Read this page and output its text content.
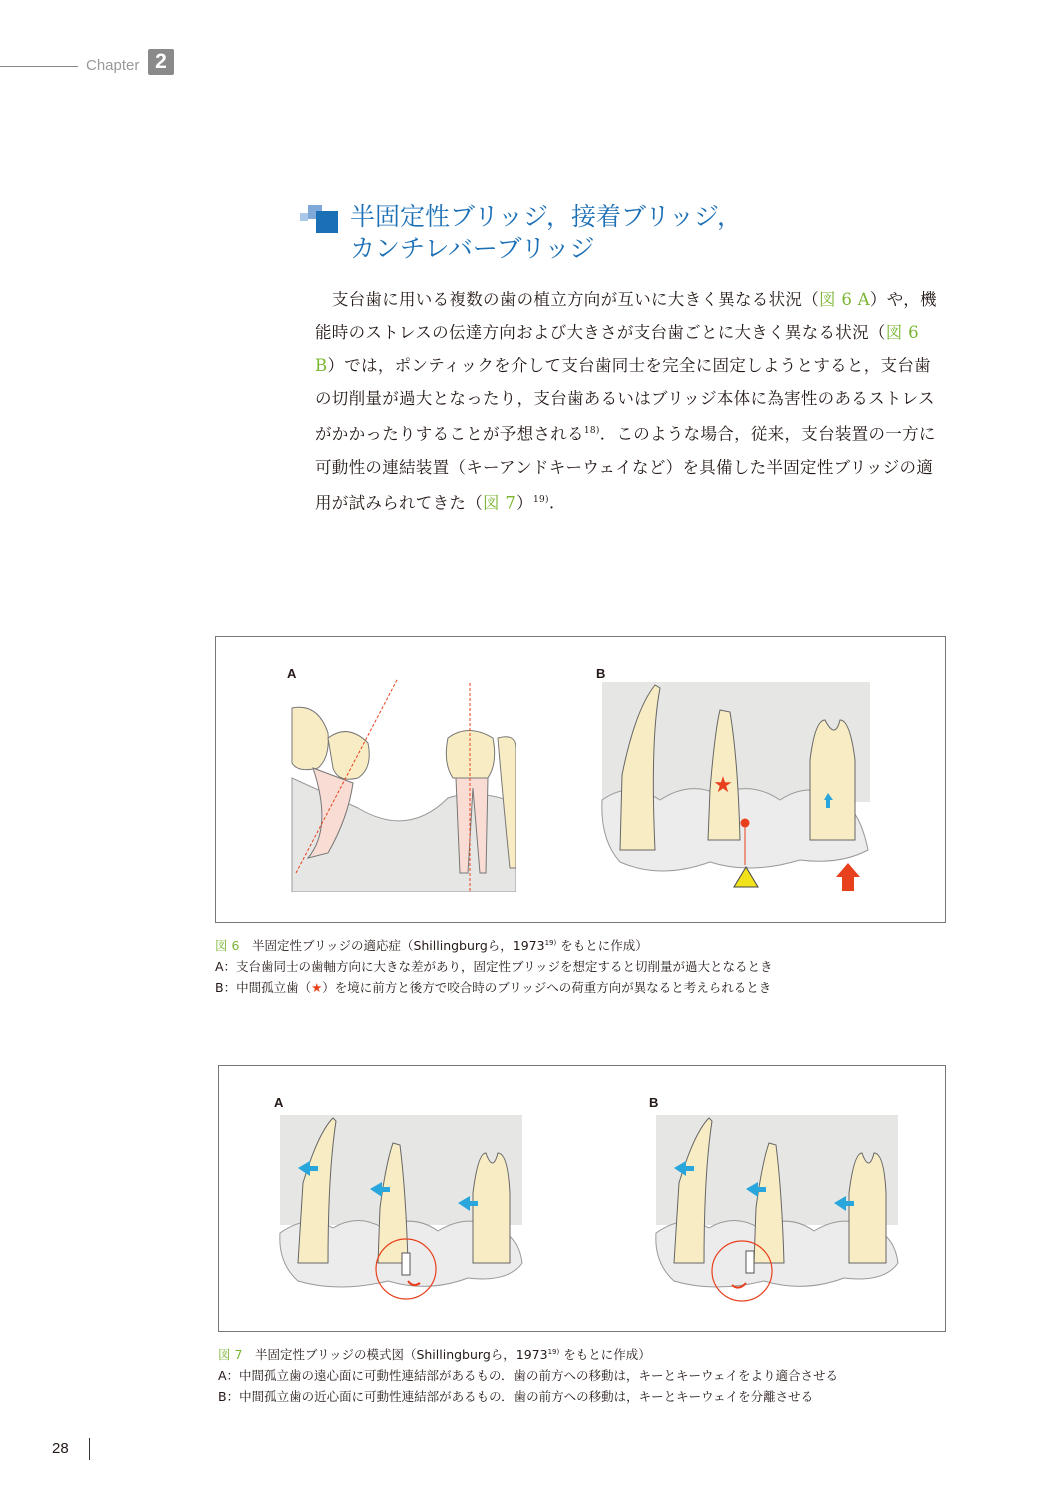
Chapter 2
半固定性ブリッジ，接着ブリッジ，
カンチレバーブリッジ

　支台歯に用いる複数の歯の植立方向が互いに大きく異なる状況（図 6 A）や，機能時のストレスの伝達方向および大きさが支台歯ごとに大きく異なる状況（図 6 B）では，ポンティックを介して支台歯同士を完全に固定しようとすると，支台歯の切削量が過大となったり，支台歯あるいはブリッジ本体に為害性のあるストレスがかかったりすることが予想される$^{18)}$．このような場合，従来，支台装置の一方に可動性の連結装置（キーアンドキーウェイなど）を具備した半固定性ブリッジの適用が試みられてきた（図 7）$^{19)}$.

A	B
★
図 6　 半固定性ブリッジの適応症（Shillingburgら，1973$^{19)}$ をもとに作成）
A：支台歯同士の歯軸方向に大きな差があり，固定性ブリッジを想定すると切削量が過大となるとき
B：中間孤立歯（★）を境に前方と後方で咬合時のブリッジへの荷重方向が異なると考えられるとき
A	B
図 7　 半固定性ブリッジの模式図（Shillingburgら，1973$^{19)}$ をもとに作成）
A：中間孤立歯の遠心面に可動性連結部があるもの．歯の前方への移動は，キーとキーウェイをより適合させる
B：中間孤立歯の近心面に可動性連結部があるもの．歯の前方への移動は，キーとキーウェイを分離させる
28
